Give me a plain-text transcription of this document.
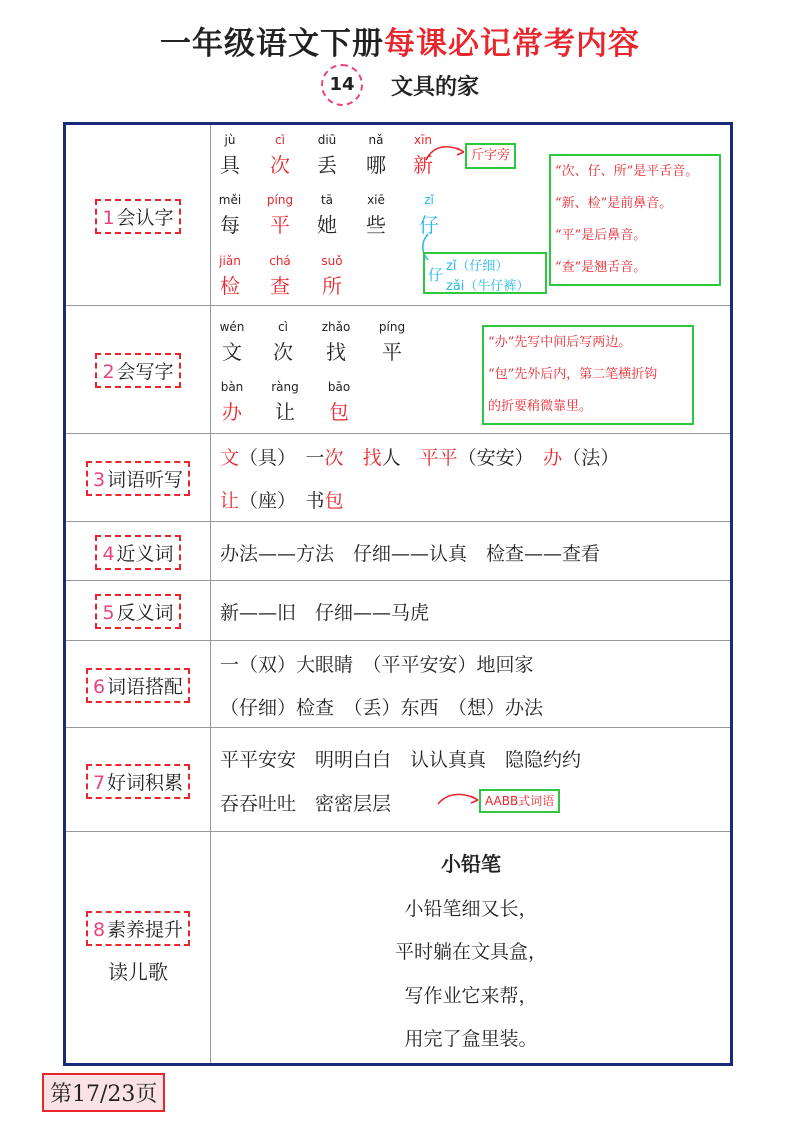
一年级语文下册每课必记常考内容
14 文具的家
1 会认字
2 会写字
3 词语听写
4 近义词
5 反义词
6 词语搭配
7 好词积累
8 素养提升
读儿歌
jù
具
cì
次
diū
丢
nǎ
哪
xīn
新
měi
每
píng
平
tā
她
xiē
些
zǐ
仔
jiǎn
检
chá
查
suǒ
所
斤字旁
仔 zǐ（仔细）
zǎi（牛仔裤）
“次、仔、所”是平舌音。
“新、检”是前鼻音。
“平”是后鼻音。
“查”是翘舌音。
wén
文
cì
次
zhǎo
找
píng
平
bàn
办
ràng
让
bāo
包
“办”先写中间后写两边。
“包”先外后内，第二笔横折钩
的折要稍微靠里。
文（具）　一次　 找人　 平平（安安）　 办（法）
让（座）　书包
办法——方法　仔细——认真　检查——查看
新——旧　仔细——马虎
一（双）大眼睛　（平平安安）地回家
（仔细）检查　（丢）东西　（想）办法
平平安安　明明白白　认认真真　隐隐约约
吞吞吐吐　密密层层	AABB式词语
小铅笔
小铅笔细又长，
平时躺在文具盒，
写作业它来帮，
用完了盒里装。
第17/23页
